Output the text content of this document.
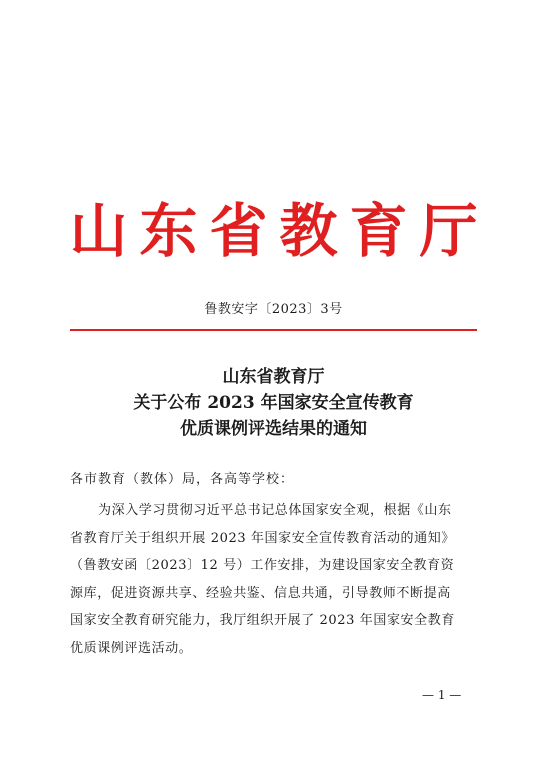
山东省教育厅
鲁教安字〔2023〕3号
山东省教育厅
关于公布 2023 年国家安全宣传教育
优质课例评选结果的通知
各市教育（教体）局，各高等学校：
为深入学习贯彻习近平总书记总体国家安全观，根据《山东
省教育厅关于组织开展 2023 年国家安全宣传教育活动的通知》
（鲁教安函〔2023〕12 号）工作安排，为建设国家安全教育资
源库，促进资源共享、经验共鉴、信息共通，引导教师不断提高
国家安全教育研究能力，我厅组织开展了 2023 年国家安全教育
优质课例评选活动。
— 1 —
